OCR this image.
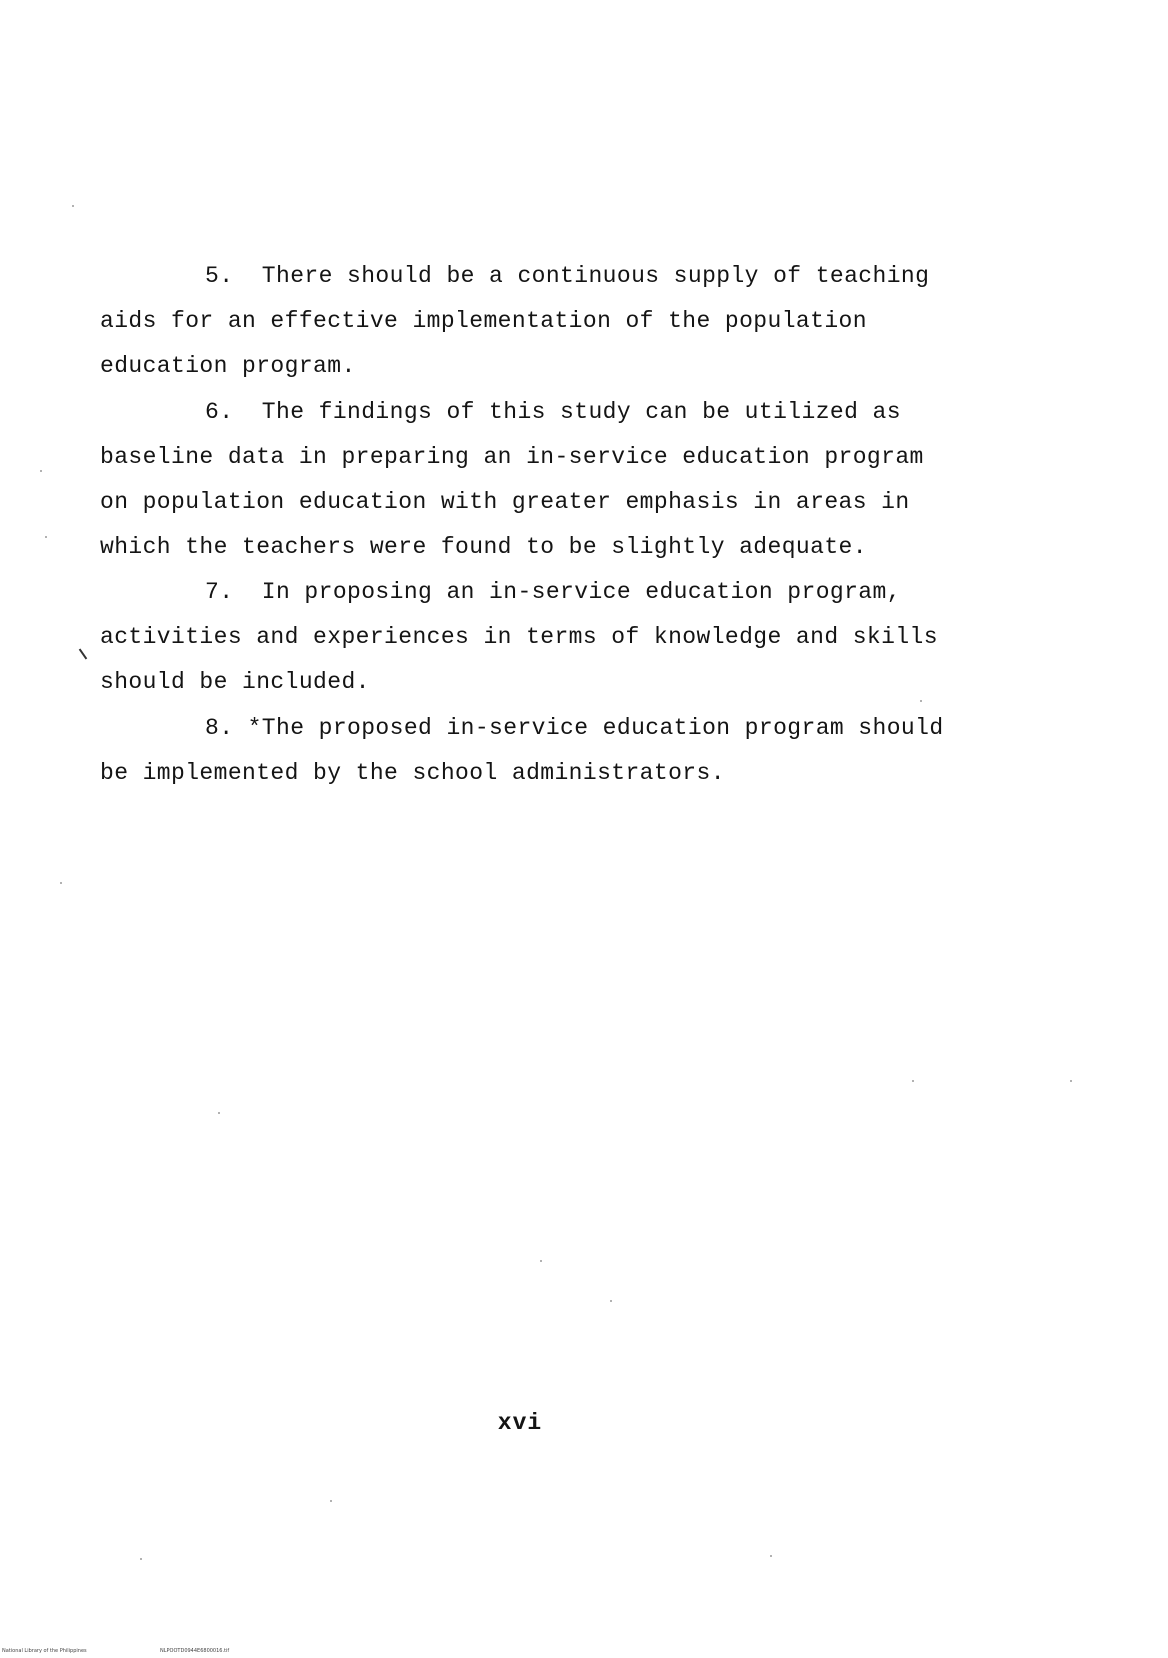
5.  There should be a continuous supply of teaching
aids for an effective implementation of the population
education program.
6.  The findings of this study can be utilized as
baseline data in preparing an in-service education program
on population education with greater emphasis in areas in
which the teachers were found to be slightly adequate.
7.  In proposing an in-service education program,
activities and experiences in terms of knowledge and skills
should be included.
8. *The proposed in-service education program should
be implemented by the school administrators.
xvi
National Library of the Philippines	NLPOOTD0944E6800016.tif
